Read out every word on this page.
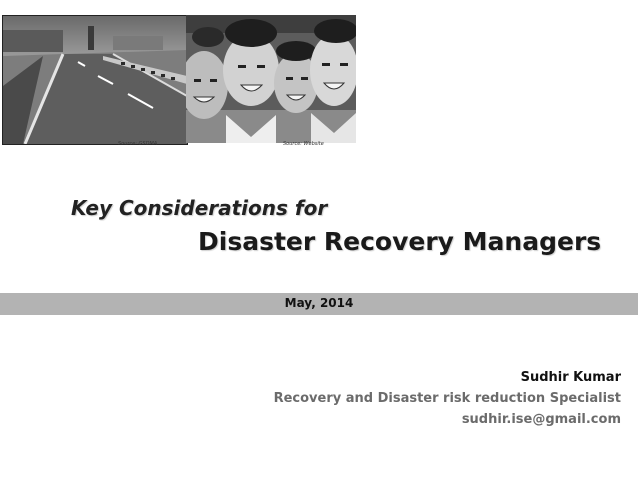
Source: GSDMA	Source: Website
Key Considerations for
Disaster Recovery Managers
May, 2014
Sudhir Kumar
Recovery and Disaster risk reduction Specialist
sudhir.ise@gmail.com
